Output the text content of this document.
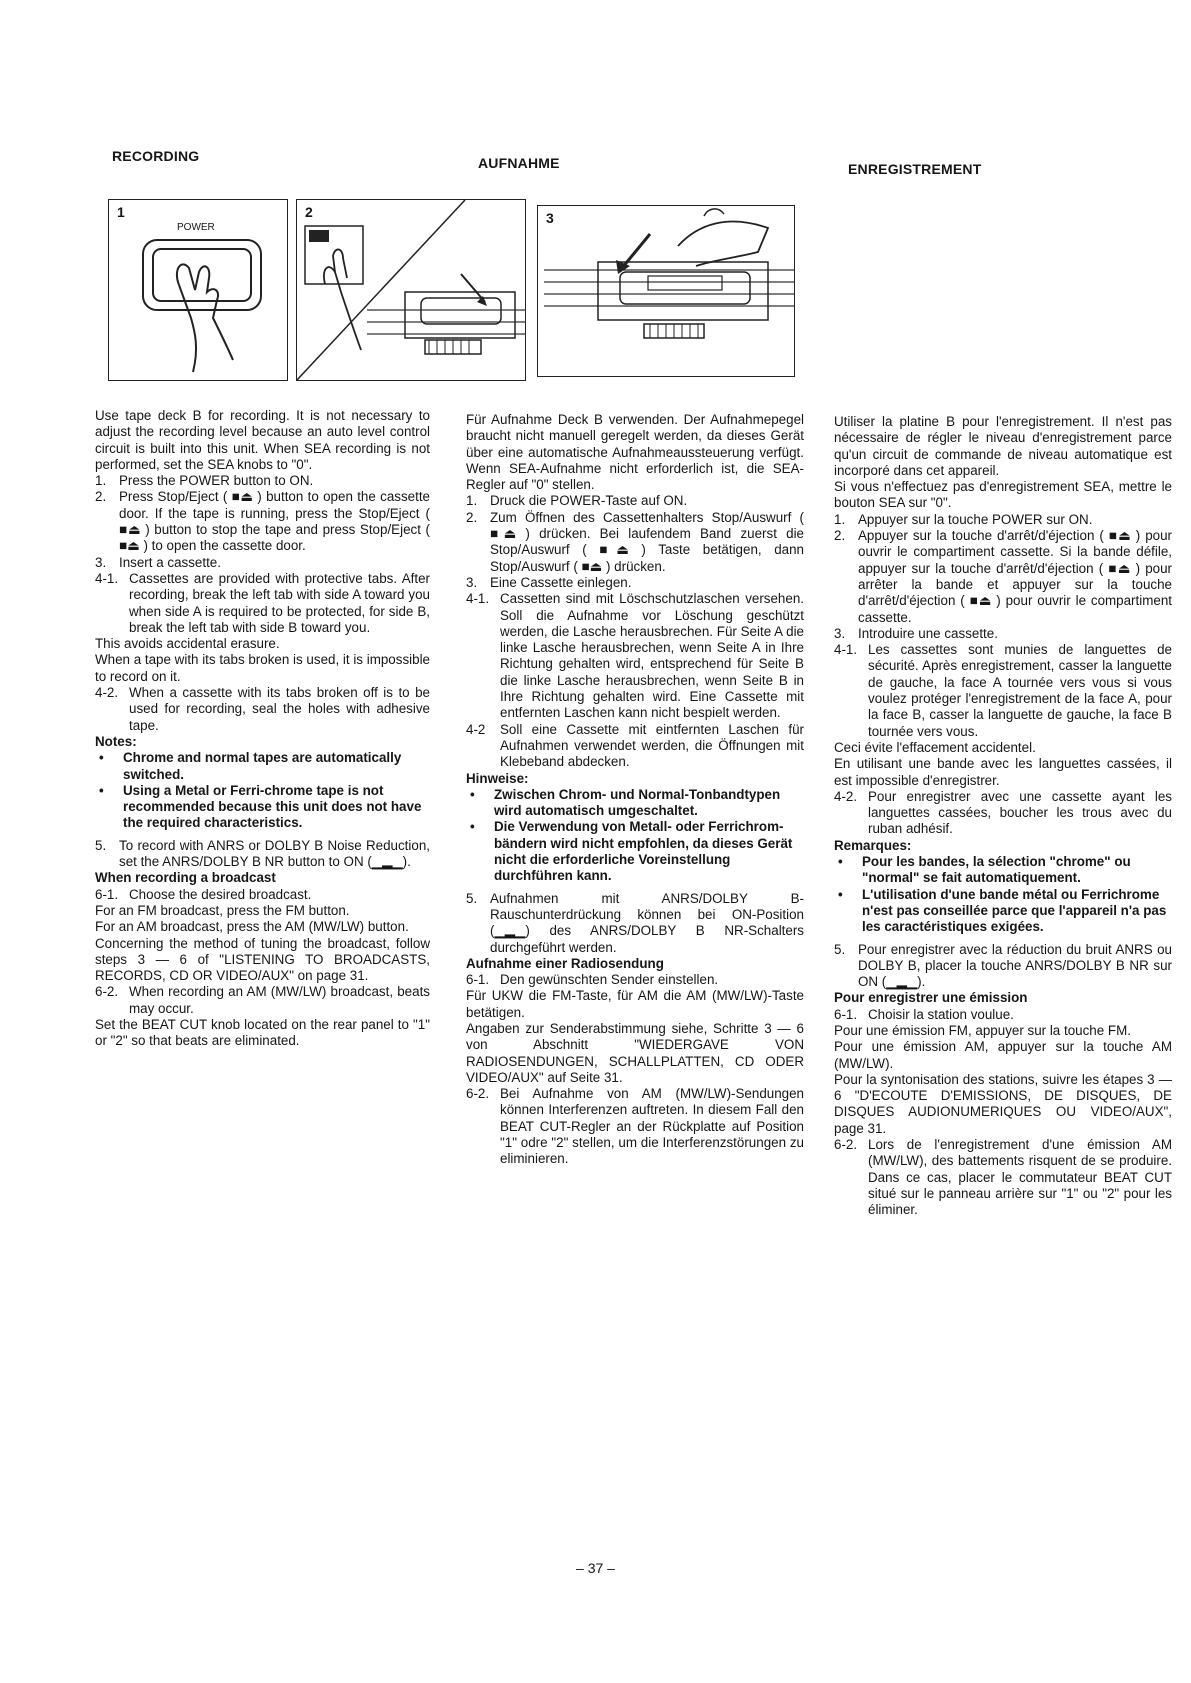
RECORDING	AUFNAHME	ENREGISTREMENT
1
POWER
2	3

Use tape deck B for recording. It is not necessary to adjust the recording level because an auto level control circuit is built into this unit. When SEA recording is not performed, set the SEA knobs to "0".

1. Press the POWER button to ON.
2. Press Stop/Eject ( ■⏏ ) button to open the cassette door. If the tape is running, press the Stop/Eject ( ■⏏ ) button to stop the tape and press Stop/Eject ( ■⏏ ) to open the cassette door.
3. Insert a cassette.
4-1. Cassettes are provided with protective tabs. After recording, break the left tab with side A toward you when side A is required to be protected, for side B, break the left tab with side B toward you.

This avoids accidental erasure.

When a tape with its tabs broken is used, it is impossible to record on it.

4-2. When a cassette with its tabs broken off is to be used for recording, seal the holes with adhesive tape.

Notes:

•	Chrome and normal tapes are automatically switched.
•	Using a Metal or Ferri-chrome tape is not recommended because this unit does not have the required characteristics.
5. To record with ANRS or DOLBY B Noise Reduction, set the ANRS/DOLBY B NR button to ON (▁▂▁).

When recording a broadcast

6-1. Choose the desired broadcast.

For an FM broadcast, press the FM button.

For an AM broadcast, press the AM (MW/LW) button.

Concerning the method of tuning the broadcast, follow steps 3 — 6 of "LISTENING TO BROADCASTS, RECORDS, CD OR VIDEO/AUX" on page 31.

6-2. When recording an AM (MW/LW) broadcast, beats may occur.

Set the BEAT CUT knob located on the rear panel to "1" or "2" so that beats are eliminated.

Für Aufnahme Deck B verwenden. Der Aufnahmepegel braucht nicht manuell geregelt werden, da dieses Gerät über eine automatische Aufnahmeaussteuerung verfügt. Wenn SEA-Aufnahme nicht erforderlich ist, die SEA-Regler auf "0" stellen.

1. Druck die POWER-Taste auf ON.
2. Zum Öffnen des Cassettenhalters Stop/Auswurf ( ■⏏ ) drücken. Bei laufendem Band zuerst die Stop/Auswurf ( ■⏏ ) Taste betätigen, dann Stop/Auswurf ( ■⏏ ) drücken.
3. Eine Cassette einlegen.
4-1. Cassetten sind mit Löschschutzlaschen versehen. Soll die Aufnahme vor Löschung geschützt werden, die Lasche herausbrechen. Für Seite A die linke Lasche herausbrechen, wenn Seite A in Ihre Richtung gehalten wird, entsprechend für Seite B die linke Lasche herausbrechen, wenn Seite B in Ihre Richtung gehalten wird. Eine Cassette mit entfernten Laschen kann nicht bespielt werden.
4-2	Soll eine Cassette mit eintfernten Laschen für Aufnahmen verwendet werden, die Öffnungen mit Klebeband abdecken.

Hinweise:

•	Zwischen Chrom- und Normal-Tonbandtypen wird automatisch umgeschaltet.
•	Die Verwendung von Metall- oder Ferrichrom- bändern wird nicht empfohlen, da dieses Gerät nicht die erforderliche Voreinstellung durchführen kann.
5. Aufnahmen mit ANRS/DOLBY B-Rauschunterdrückung können bei ON-Position (▁▂▁) des ANRS/DOLBY B NR-Schalters durchgeführt werden.

Aufnahme einer Radiosendung

6-1. Den gewünschten Sender einstellen.

Für UKW die FM-Taste, für AM die AM (MW/LW)-Taste betätigen.

Angaben zur Senderabstimmung siehe, Schritte 3 — 6 von Abschnitt "WIEDERGAVE VON RADIOSENDUNGEN, SCHALLPLATTEN, CD ODER VIDEO/AUX" auf Seite 31.

6-2. Bei Aufnahme von AM (MW/LW)-Sendungen können Interferenzen auftreten. In diesem Fall den BEAT CUT-Regler an der Rückplatte auf Position "1" odre "2" stellen, um die Interferenzstörungen zu eliminieren.

Utiliser la platine B pour l'enregistrement. Il n'est pas nécessaire de régler le niveau d'enregistrement parce qu'un circuit de commande de niveau automatique est incorporé dans cet appareil.

Si vous n'effectuez pas d'enregistrement SEA, mettre le bouton SEA sur "0".

1. Appuyer sur la touche POWER sur ON.
2. Appuyer sur la touche d'arrêt/d'éjection ( ■⏏ ) pour ouvrir le compartiment cassette. Si la bande défile, appuyer sur la touche d'arrêt/d'éjection ( ■⏏ ) pour arrêter la bande et appuyer sur la touche d'arrêt/d'éjection ( ■⏏ ) pour ouvrir le compartiment cassette.
3. Introduire une cassette.
4-1. Les cassettes sont munies de languettes de sécurité. Après enregistrement, casser la languette de gauche, la face A tournée vers vous si vous voulez protéger l'enregistrement de la face A, pour la face B, casser la languette de gauche, la face B tournée vers vous.

Ceci évite l'effacement accidentel.

En utilisant une bande avec les languettes cassées, il est impossible d'enregistrer.

4-2. Pour enregistrer avec une cassette ayant les languettes cassées, boucher les trous avec du ruban adhésif.

Remarques:

•	Pour les bandes, la sélection "chrome" ou "normal" se fait automatiquement.
•	L'utilisation d'une bande métal ou Ferrichrome n'est pas conseillée parce que l'appareil n'a pas les caractéristiques exigées.
5. Pour enregistrer avec la réduction du bruit ANRS ou DOLBY B, placer la touche ANRS/DOLBY B NR sur ON (▁▂▁).

Pour enregistrer une émission

6-1. Choisir la station voulue.

Pour une émission FM, appuyer sur la touche FM.

Pour une émission AM, appuyer sur la touche AM (MW/LW).

Pour la syntonisation des stations, suivre les étapes 3 — 6 "D'ECOUTE D'EMISSIONS, DE DISQUES, DE DISQUES AUDIONUMERIQUES OU VIDEO/AUX", page 31.

6-2. Lors de l'enregistrement d'une émission AM (MW/LW), des battements risquent de se produire. Dans ce cas, placer le commutateur BEAT CUT situé sur le panneau arrière sur "1" ou "2" pour les éliminer.
– 37 –
